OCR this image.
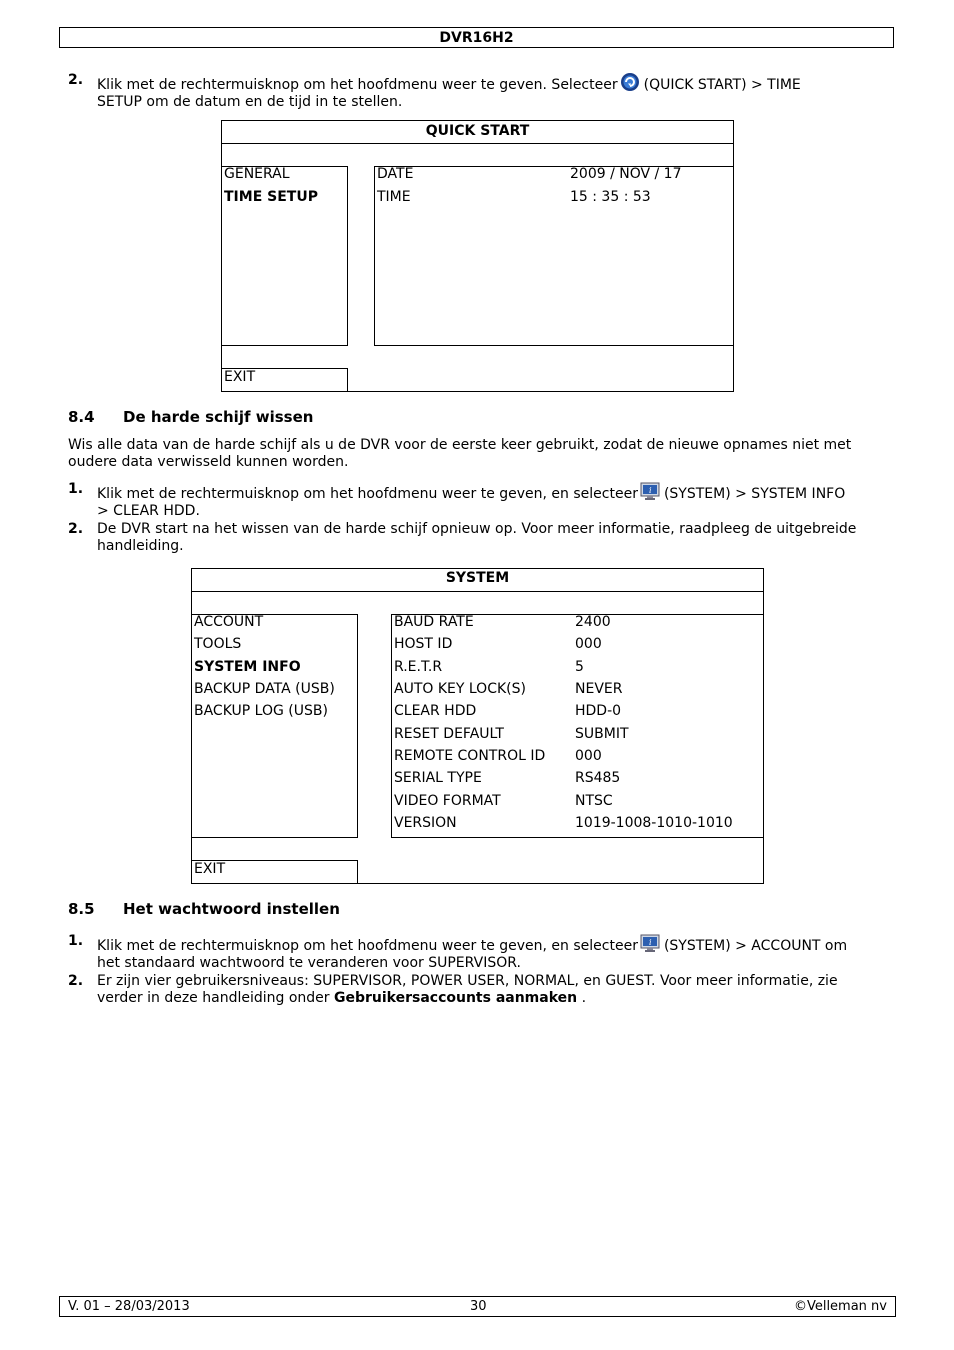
DVR16H2
2. Klik met de rechtermuisknop om het hoofdmenu weer te geven. Selecteer (QUICK START) > TIME
SETUP om de datum en de tijd in te stellen.
QUICK START
GENERAL
TIME SETUP
DATE	2009 / NOV / 17
TIME	15 : 35 : 53
EXIT
8.4 De harde schijf wissen
Wis alle data van de harde schijf als u de DVR voor de eerste keer gebruikt, zodat de nieuwe opnames niet met
oudere data verwisseld kunnen worden.
1. Klik met de rechtermuisknop om het hoofdmenu weer te geven, en selecteer i (SYSTEM) > SYSTEM INFO
> CLEAR HDD.
2. De DVR start na het wissen van de harde schijf opnieuw op. Voor meer informatie, raadpleeg de uitgebreide
handleiding.
SYSTEM
ACCOUNT
TOOLS
SYSTEM INFO
BACKUP DATA (USB)
BACKUP LOG (USB)
BAUD RATE	2400
HOST ID	000
R.E.T.R	5
AUTO KEY LOCK(S)	NEVER
CLEAR HDD	HDD-0
RESET DEFAULT	SUBMIT
REMOTE CONTROL ID 000
SERIAL TYPE	RS485
VIDEO FORMAT	NTSC
VERSION	1019-1008-1010-1010
EXIT
8.5 Het wachtwoord instellen
1. Klik met de rechtermuisknop om het hoofdmenu weer te geven, en selecteer i (SYSTEM) > ACCOUNT om
het standaard wachtwoord te veranderen voor SUPERVISOR.
2. Er zijn vier gebruikersniveaus: SUPERVISOR, POWER USER, NORMAL, en GUEST. Voor meer informatie, zie
verder in deze handleiding onder Gebruikersaccounts aanmaken .
V. 01 – 28/03/2013	30	©Velleman nv
